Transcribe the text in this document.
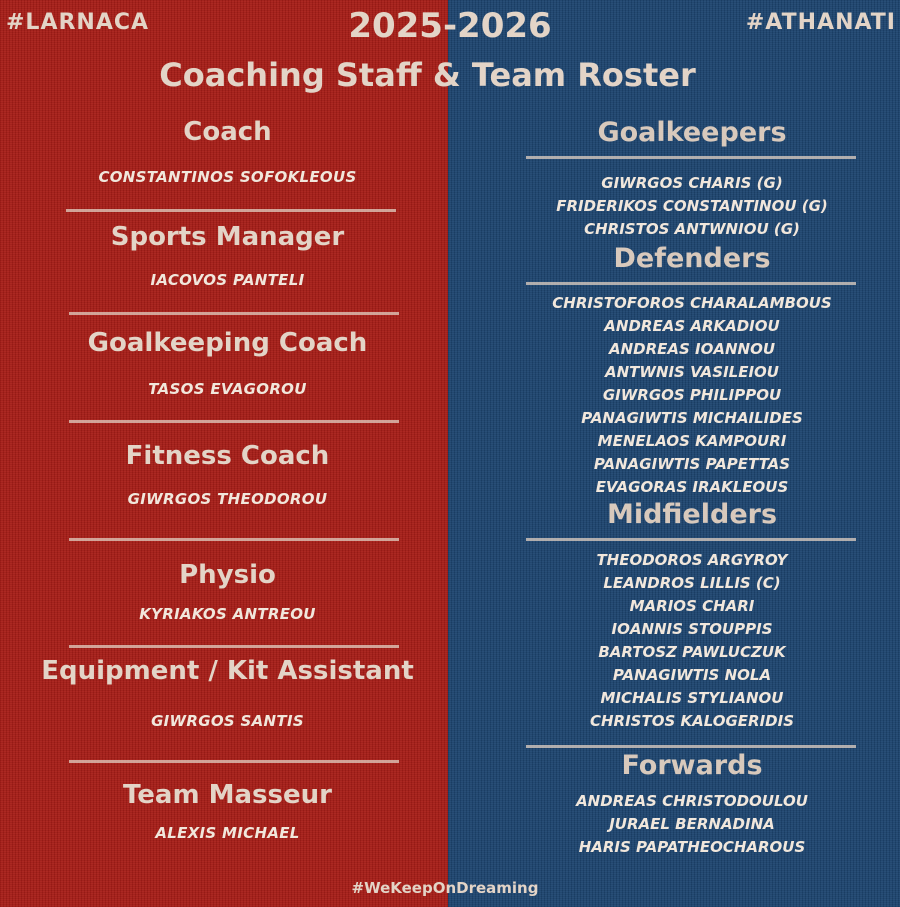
#LARNACA	2025-2026	#ATHANATI
Coaching Staff & Team Roster
Coach
CONSTANTINOS SOFOKLEOUS
Sports Manager
IACOVOS PANTELI
Goalkeeping Coach
TASOS EVAGOROU
Fitness Coach
GIWRGOS THEODOROU
Physio
KYRIAKOS ANTREOU
Equipment / Kit Assistant
GIWRGOS SANTIS
Team Masseur
ALEXIS MICHAEL
Goalkeepers
GIWRGOS CHARIS (G)
FRIDERIKOS CONSTANTINOU (G)
CHRISTOS ANTWNIOU (G)
Defenders
CHRISTOFOROS CHARALAMBOUS
ANDREAS ARKADIOU
ANDREAS IOANNOU
ANTWNIS VASILEIOU
GIWRGOS PHILIPPOU
PANAGIWTIS MICHAILIDES
MENELAOS KAMPOURI
PANAGIWTIS PAPETTAS
EVAGORAS IRAKLEOUS
Midfielders
THEODOROS ARGYROY
LEANDROS LILLIS (C)
MARIOS CHARI
IOANNIS STOUPPIS
BARTOSZ PAWLUCZUK
PANAGIWTIS NOLA
MICHALIS STYLIANOU
CHRISTOS KALOGERIDIS
Forwards
ANDREAS CHRISTODOULOU
JURAEL BERNADINA
HARIS PAPATHEOCHAROUS
#WeKeepOnDreaming
